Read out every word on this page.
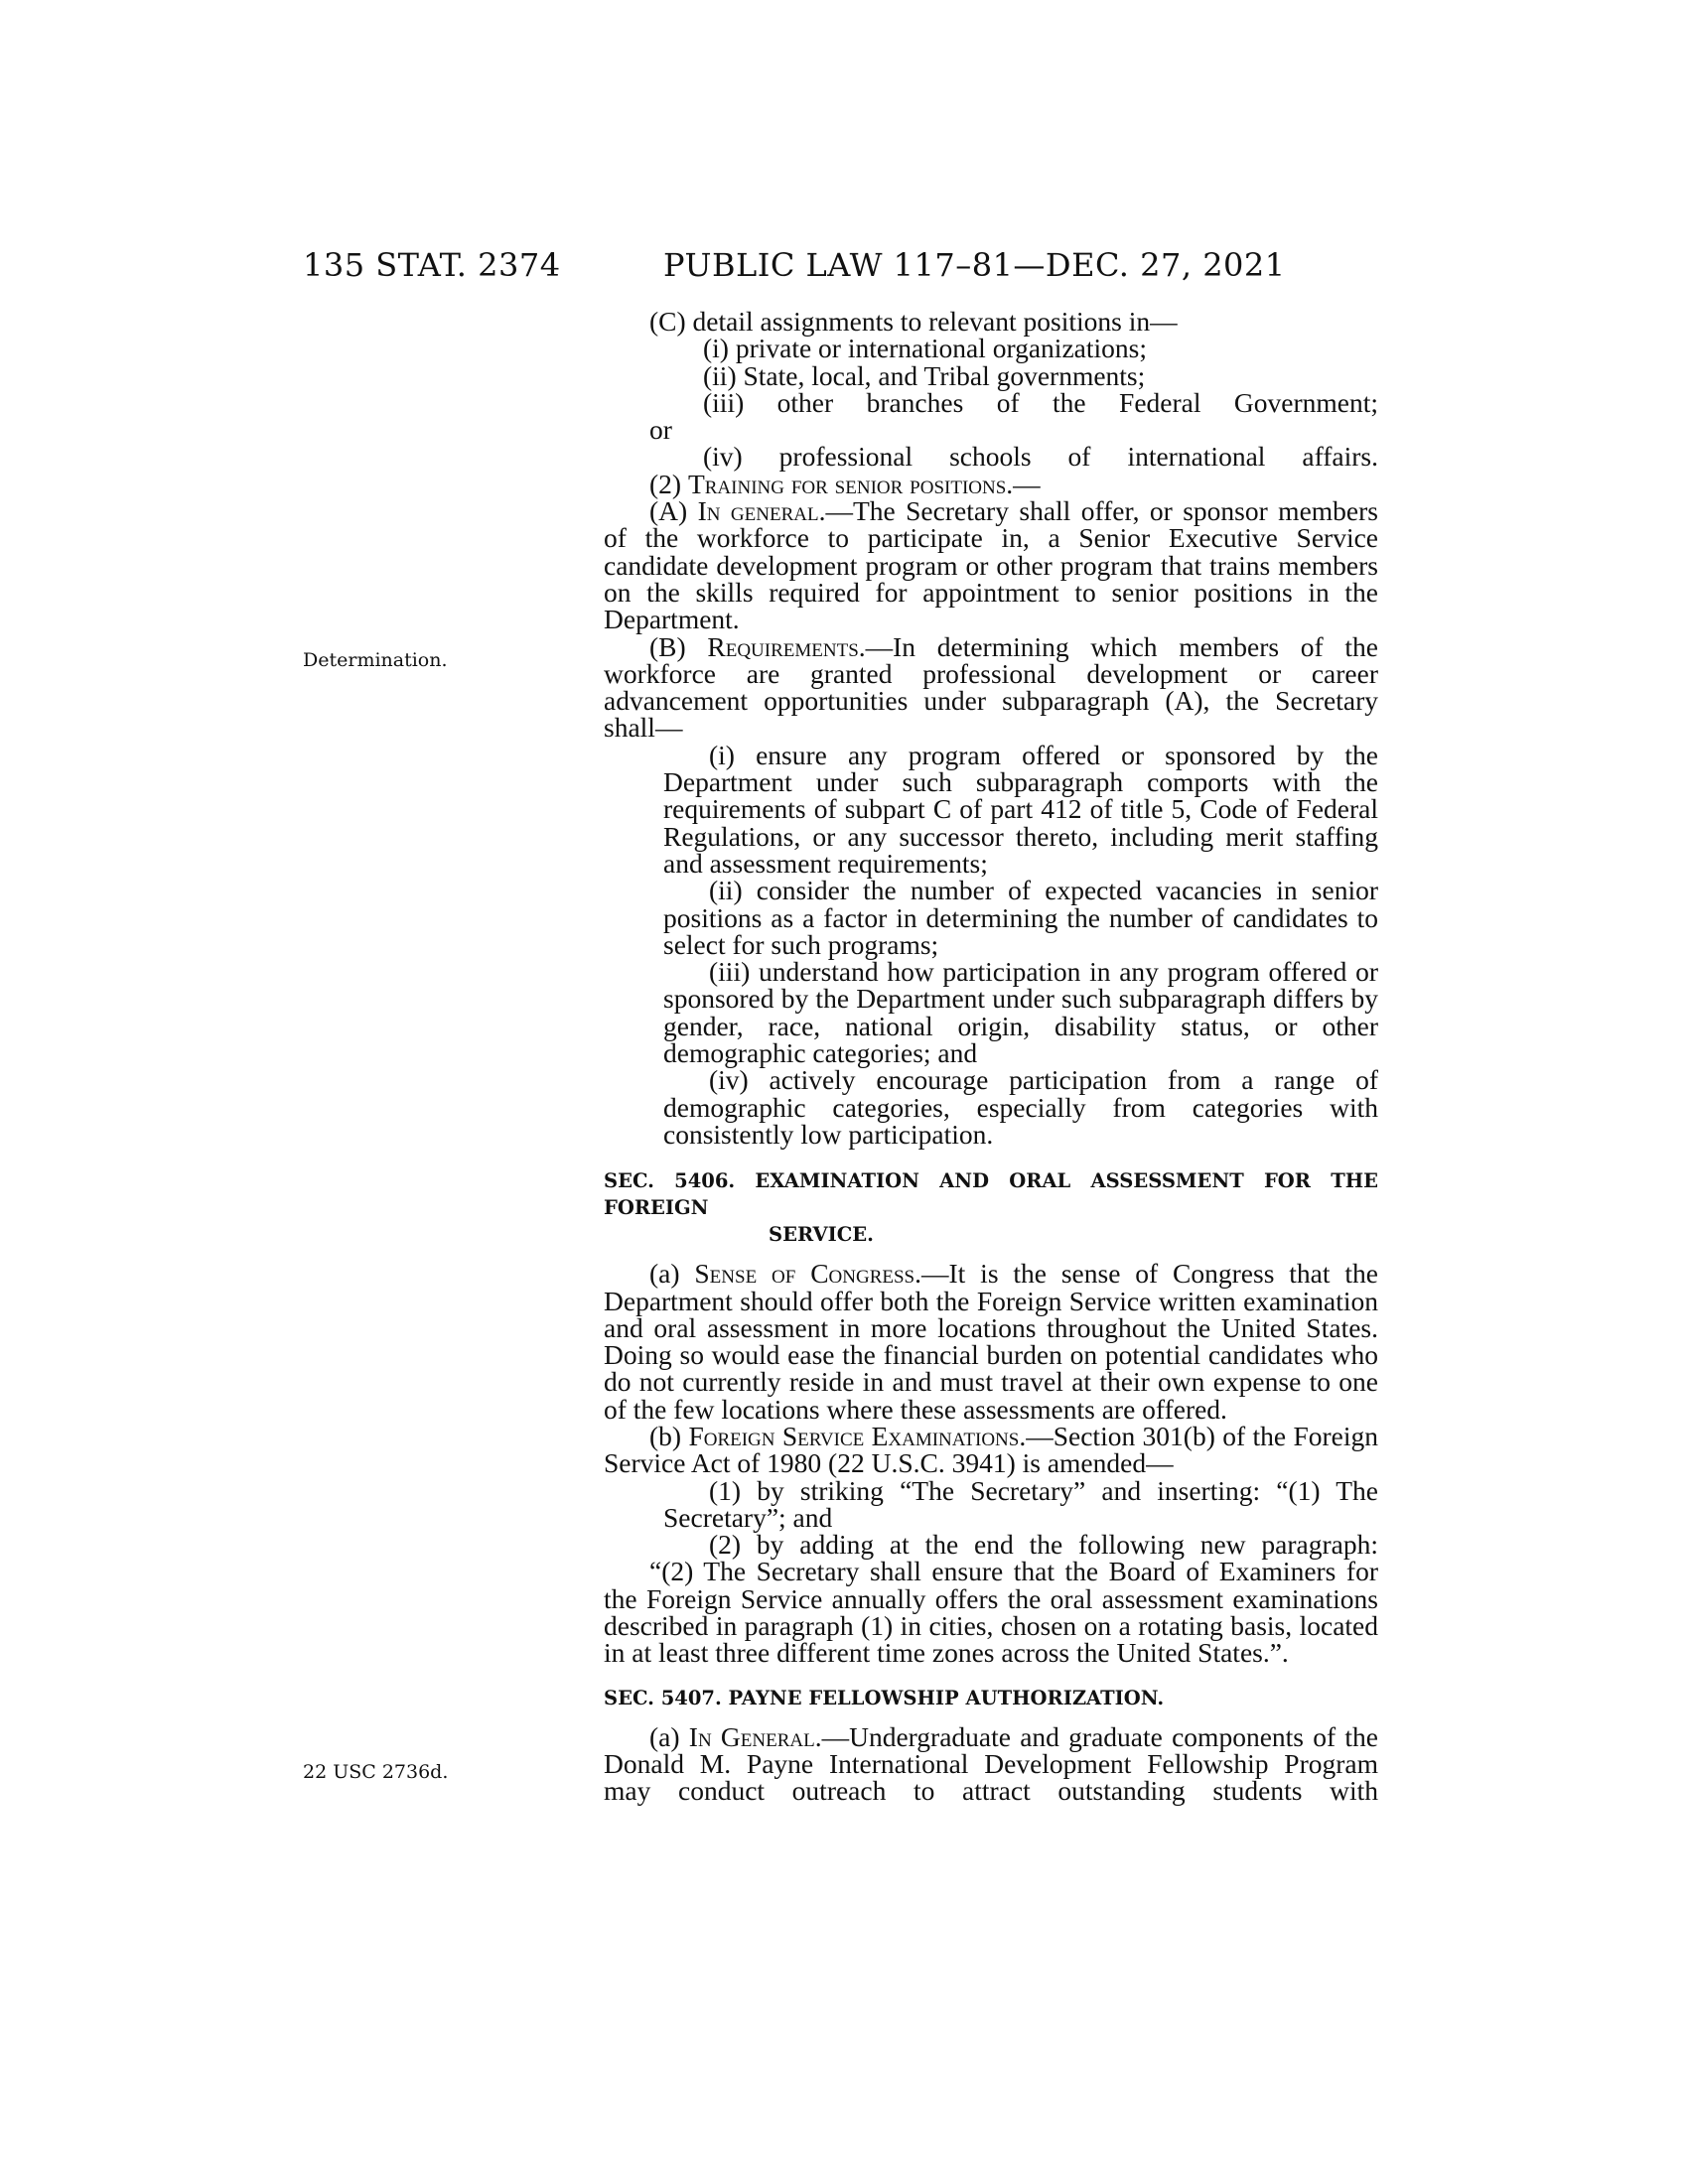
135 STAT. 2374	PUBLIC LAW 117–81—DEC. 27, 2021
Determination.
22 USC 2736d.

(C) detail assignments to relevant positions in—

(i) private or international organizations;

(ii) State, local, and Tribal governments;

(iii) other branches of the Federal Government;

or

(iv) professional schools of international affairs.

(2) Training for senior positions.—

(A) In general.—The Secretary shall offer, or sponsor members of the workforce to participate in, a Senior Executive Service candidate development program or other program that trains members on the skills required for appointment to senior positions in the Department.

(B) Requirements.—In determining which members of the workforce are granted professional development or career advancement opportunities under subparagraph (A), the Secretary shall—

(i) ensure any program offered or sponsored by the Department under such subparagraph comports with the requirements of subpart C of part 412 of title 5, Code of Federal Regulations, or any successor thereto, including merit staffing and assessment requirements;

(ii) consider the number of expected vacancies in senior positions as a factor in determining the number of candidates to select for such programs;

(iii) understand how participation in any program offered or sponsored by the Department under such subparagraph differs by gender, race, national origin, disability status, or other demographic categories; and

(iv) actively encourage participation from a range of demographic categories, especially from categories with consistently low participation.

SEC. 5406. EXAMINATION AND ORAL ASSESSMENT FOR THE FOREIGN
SERVICE.

(a) Sense of Congress.—It is the sense of Congress that the Department should offer both the Foreign Service written examination and oral assessment in more locations throughout the United States. Doing so would ease the financial burden on potential candidates who do not currently reside in and must travel at their own expense to one of the few locations where these assessments are offered.

(b) Foreign Service Examinations.—Section 301(b) of the Foreign Service Act of 1980 (22 U.S.C. 3941) is amended—

(1) by striking “The Secretary” and inserting: “(1) The Secretary”; and

(2) by adding at the end the following new paragraph:

“(2) The Secretary shall ensure that the Board of Examiners for the Foreign Service annually offers the oral assessment examinations described in paragraph (1) in cities, chosen on a rotating basis, located in at least three different time zones across the United States.”.

SEC. 5407. PAYNE FELLOWSHIP AUTHORIZATION.

(a) In General.—Undergraduate and graduate components of the Donald M. Payne International Development Fellowship Program may conduct outreach to attract outstanding students with
